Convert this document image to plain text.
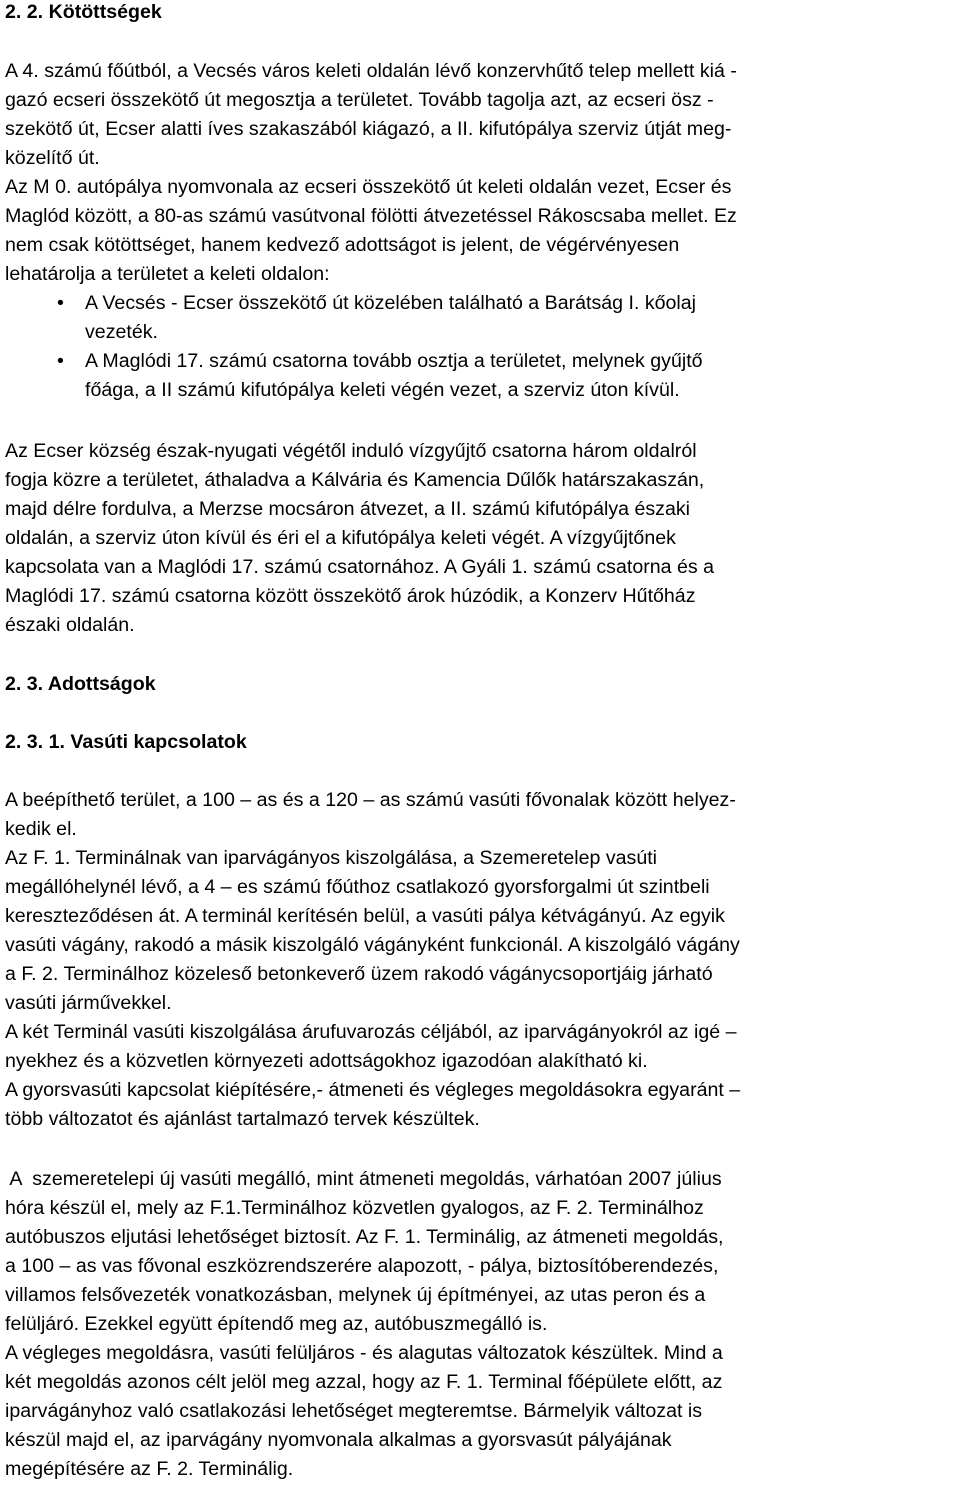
2. 2. Kötöttségek
A 4. számú főútból, a Vecsés város keleti oldalán lévő konzervhűtő telep mellett kiá -
gazó ecseri összekötő út megosztja a területet. Tovább tagolja azt, az ecseri ösz -
szekötő út, Ecser alatti íves szakaszából kiágazó, a II. kifutópálya szerviz útját meg-
közelítő út.
Az M 0. autópálya nyomvonala az ecseri összekötő út keleti oldalán vezet, Ecser és
Maglód között, a 80-as számú vasútvonal fölötti átvezetéssel Rákoscsaba mellet. Ez
nem csak kötöttséget, hanem kedvező adottságot is jelent, de végérvényesen
lehatárolja a területet a keleti oldalon:
•	A Vecsés - Ecser összekötő út közelében található a Barátság I. kőolaj
vezeték.
•	A Maglódi 17. számú csatorna tovább osztja a területet, melynek gyűjtő
főága, a II számú kifutópálya keleti végén vezet, a szerviz úton kívül.
Az Ecser község észak-nyugati végétől induló vízgyűjtő csatorna három oldalról
fogja közre a területet, áthaladva a Kálvária és Kamencia Dűlők határszakaszán,
majd délre fordulva, a Merzse mocsáron átvezet, a II. számú kifutópálya északi
oldalán, a szerviz úton kívül és éri el a kifutópálya keleti végét. A vízgyűjtőnek
kapcsolata van a Maglódi 17. számú csatornához. A Gyáli 1. számú csatorna és a
Maglódi 17. számú csatorna között összekötő árok húzódik, a Konzerv Hűtőház
északi oldalán.
2. 3. Adottságok
2. 3. 1. Vasúti kapcsolatok
A beépíthető terület, a 100 – as és a 120 – as számú vasúti fővonalak között helyez-
kedik el.
Az F. 1. Terminálnak van iparvágányos kiszolgálása, a Szemeretelep vasúti
megállóhelynél lévő, a 4 – es számú főúthoz csatlakozó gyorsforgalmi út szintbeli
kereszteződésen át. A terminál kerítésén belül, a vasúti pálya kétvágányú. Az egyik
vasúti vágány, rakodó a másik kiszolgáló vágányként funkcionál. A kiszolgáló vágány
a F. 2. Terminálhoz közeleső betonkeverő üzem rakodó vágánycsoportjáig járható
vasúti járművekkel.
A két Terminál vasúti kiszolgálása árufuvarozás céljából, az iparvágányokról az igé –
nyekhez és a közvetlen környezeti adottságokhoz igazodóan alakítható ki.
A gyorsvasúti kapcsolat kiépítésére,- átmeneti és végleges megoldásokra egyaránt –
több változatot és ajánlást tartalmazó tervek készültek.
A  szemeretelepi új vasúti megálló, mint átmeneti megoldás, várhatóan 2007 július
hóra készül el, mely az F.1.Terminálhoz közvetlen gyalogos, az F. 2. Terminálhoz
autóbuszos eljutási lehetőséget biztosít. Az F. 1. Terminálig, az átmeneti megoldás,
a 100 – as vas fővonal eszközrendszerére alapozott, - pálya, biztosítóberendezés,
villamos felsővezeték vonatkozásban, melynek új építményei, az utas peron és a
felüljáró. Ezekkel együtt építendő meg az, autóbuszmegálló is.
A végleges megoldásra, vasúti felüljáros - és alagutas változatok készültek. Mind a
két megoldás azonos célt jelöl meg azzal, hogy az F. 1. Terminal főépülete előtt, az
iparvágányhoz való csatlakozási lehetőséget megteremtse. Bármelyik változat is
készül majd el, az iparvágány nyomvonala alkalmas a gyorsvasút pályájának
megépítésére az F. 2. Terminálig.
